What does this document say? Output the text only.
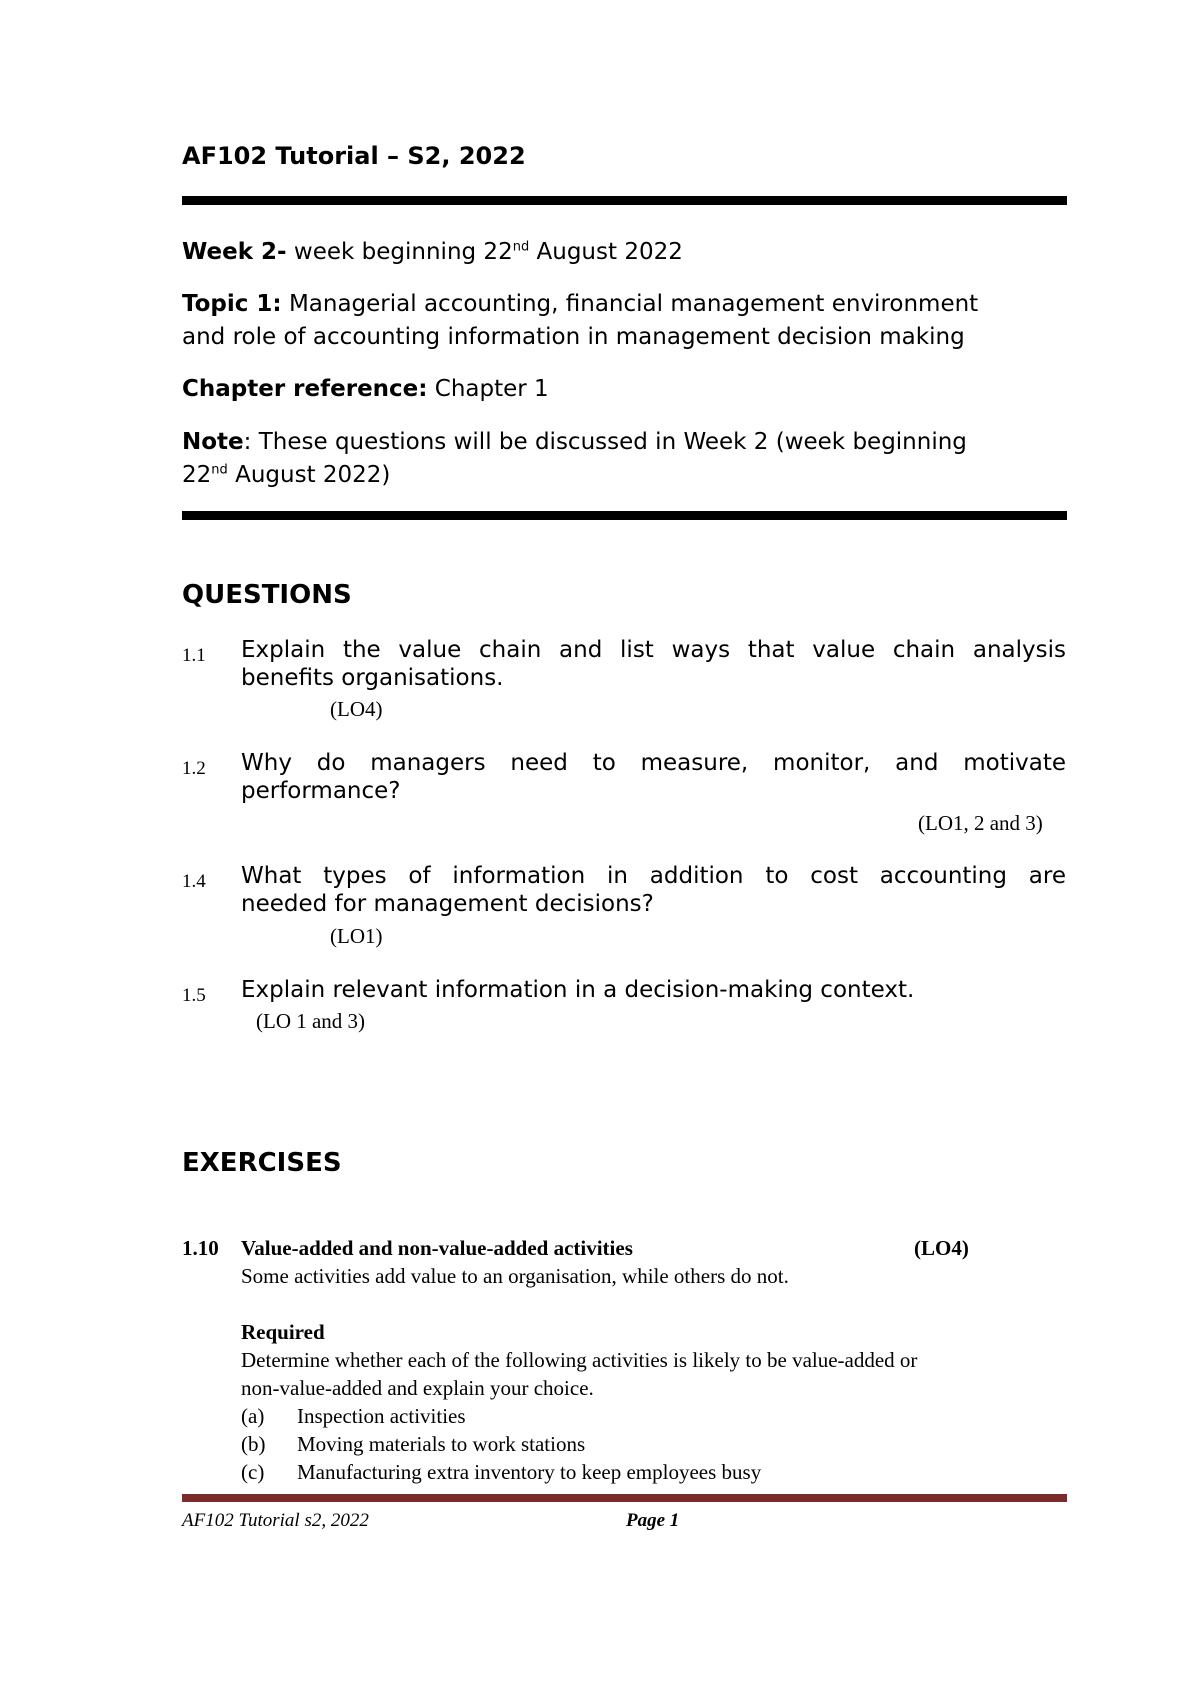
AF102 Tutorial – S2, 2022
Week 2- week beginning 22nd August 2022
Topic 1: Managerial accounting, financial management environment
and role of accounting information in management decision making
Chapter reference: Chapter 1
Note: These questions will be discussed in Week 2 (week beginning
22nd August 2022)
QUESTIONS
1.1 Explain the value chain and list ways that value chain analysis
benefits organisations.
(LO4)
1.2 Why do managers need to measure, monitor, and motivate
performance?
(LO1, 2 and 3)
1.4 What types of information in addition to cost accounting are
needed for management decisions?
(LO1)
1.5 Explain relevant information in a decision-making context.
(LO 1 and 3)
EXERCISES
1.10 Value-added and non-value-added activities	(LO4)
Some activities add value to an organisation, while others do not.
Required
Determine whether each of the following activities is likely to be value-added or
non-value-added and explain your choice.
(a) Inspection activities
(b) Moving materials to work stations
(c) Manufacturing extra inventory to keep employees busy
AF102 Tutorial s2, 2022	Page 1
